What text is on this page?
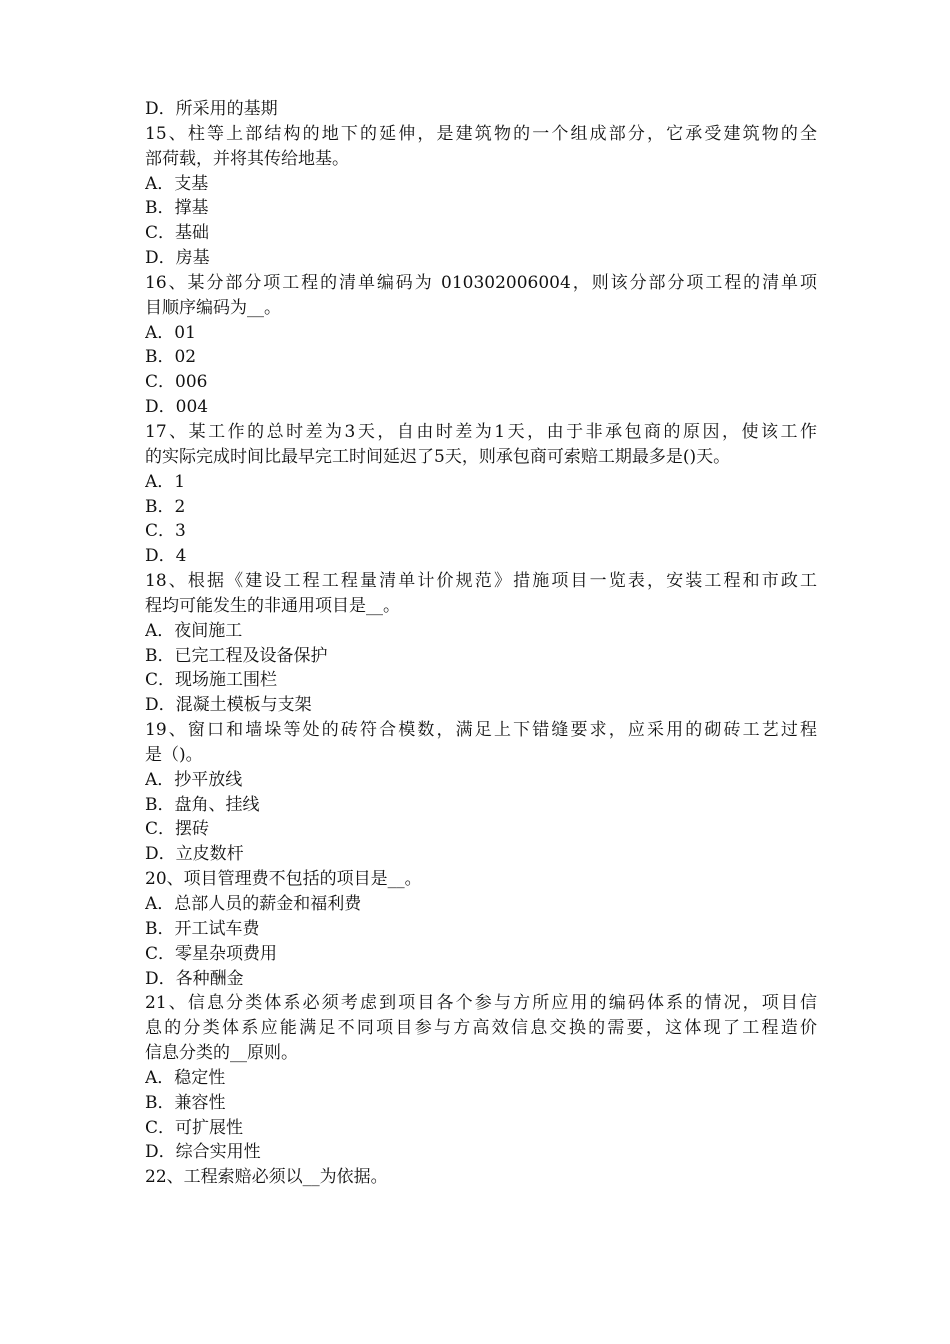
D．所采用的基期
15、柱等上部结构的地下的延伸，是建筑物的一个组成部分，它承受建筑物的全
部荷载，并将其传给地基。
A．支基
B．撑基
C．基础
D．房基
16、某分部分项工程的清单编码为 010302006004，则该分部分项工程的清单项
目顺序编码为__。
A．01
B．02
C．006
D．004
17、某工作的总时差为3天，自由时差为1天，由于非承包商的原因，使该工作
的实际完成时间比最早完工时间延迟了5天，则承包商可索赔工期最多是()天。
A．1
B．2
C．3
D．4
18、根据《建设工程工程量清单计价规范》措施项目一览表，安装工程和市政工
程均可能发生的非通用项目是__。
A．夜间施工
B．已完工程及设备保护
C．现场施工围栏
D．混凝土模板与支架
19、窗口和墙垛等处的砖符合模数，满足上下错缝要求，应采用的砌砖工艺过程
是（)。
A．抄平放线
B．盘角、挂线
C．摆砖
D．立皮数杆
20、项目管理费不包括的项目是__。
A．总部人员的薪金和福利费
B．开工试车费
C．零星杂项费用
D．各种酬金
21、信息分类体系必须考虑到项目各个参与方所应用的编码体系的情况，项目信
息的分类体系应能满足不同项目参与方高效信息交换的需要，这体现了工程造价
信息分类的__原则。
A．稳定性
B．兼容性
C．可扩展性
D．综合实用性
22、工程索赔必须以__为依据。
